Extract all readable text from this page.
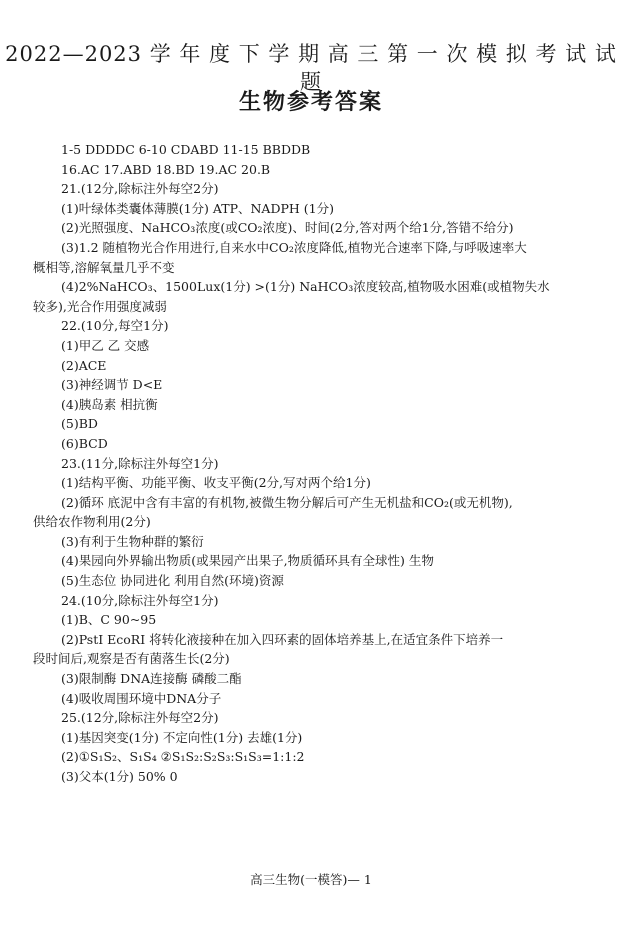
2022—2023 学 年 度 下 学 期 高 三 第 一 次 模 拟 考 试 试 题
生物参考答案
1-5 DDDDC 6-10 CDABD 11-15 BBDDB
16.AC 17.ABD 18.BD 19.AC 20.B
21.(12分,除标注外每空2分)
(1)叶绿体类囊体薄膜(1分) ATP、NADPH (1分)
(2)光照强度、NaHCO₃浓度(或CO₂浓度)、时间(2分,答对两个给1分,答错不给分)
(3)1.2 随植物光合作用进行,自来水中CO₂浓度降低,植物光合速率下降,与呼吸速率大
概相等,溶解氧量几乎不变
(4)2%NaHCO₃、1500Lux(1分) >(1分) NaHCO₃浓度较高,植物吸水困难(或植物失水
较多),光合作用强度减弱
22.(10分,每空1分)
(1)甲乙 乙 交感
(2)ACE
(3)神经调节 D<E
(4)胰岛素 相抗衡
(5)BD
(6)BCD
23.(11分,除标注外每空1分)
(1)结构平衡、功能平衡、收支平衡(2分,写对两个给1分)
(2)循环 底泥中含有丰富的有机物,被微生物分解后可产生无机盐和CO₂(或无机物),
供给农作物利用(2分)
(3)有利于生物种群的繁衍
(4)果园向外界输出物质(或果园产出果子,物质循环具有全球性) 生物
(5)生态位 协同进化 利用自然(环境)资源
24.(10分,除标注外每空1分)
(1)B、C 90~95
(2)PstⅠ EcoRⅠ 将转化液接种在加入四环素的固体培养基上,在适宜条件下培养一
段时间后,观察是否有菌落生长(2分)
(3)限制酶 DNA连接酶 磷酸二酯
(4)吸收周围环境中DNA分子
25.(12分,除标注外每空2分)
(1)基因突变(1分) 不定向性(1分) 去雄(1分)
(2)①S₁S₂、S₁S₄ ②S₁S₂:S₂S₃:S₁S₃=1:1:2
(3)父本(1分) 50% 0
高三生物(一模答)— 1
